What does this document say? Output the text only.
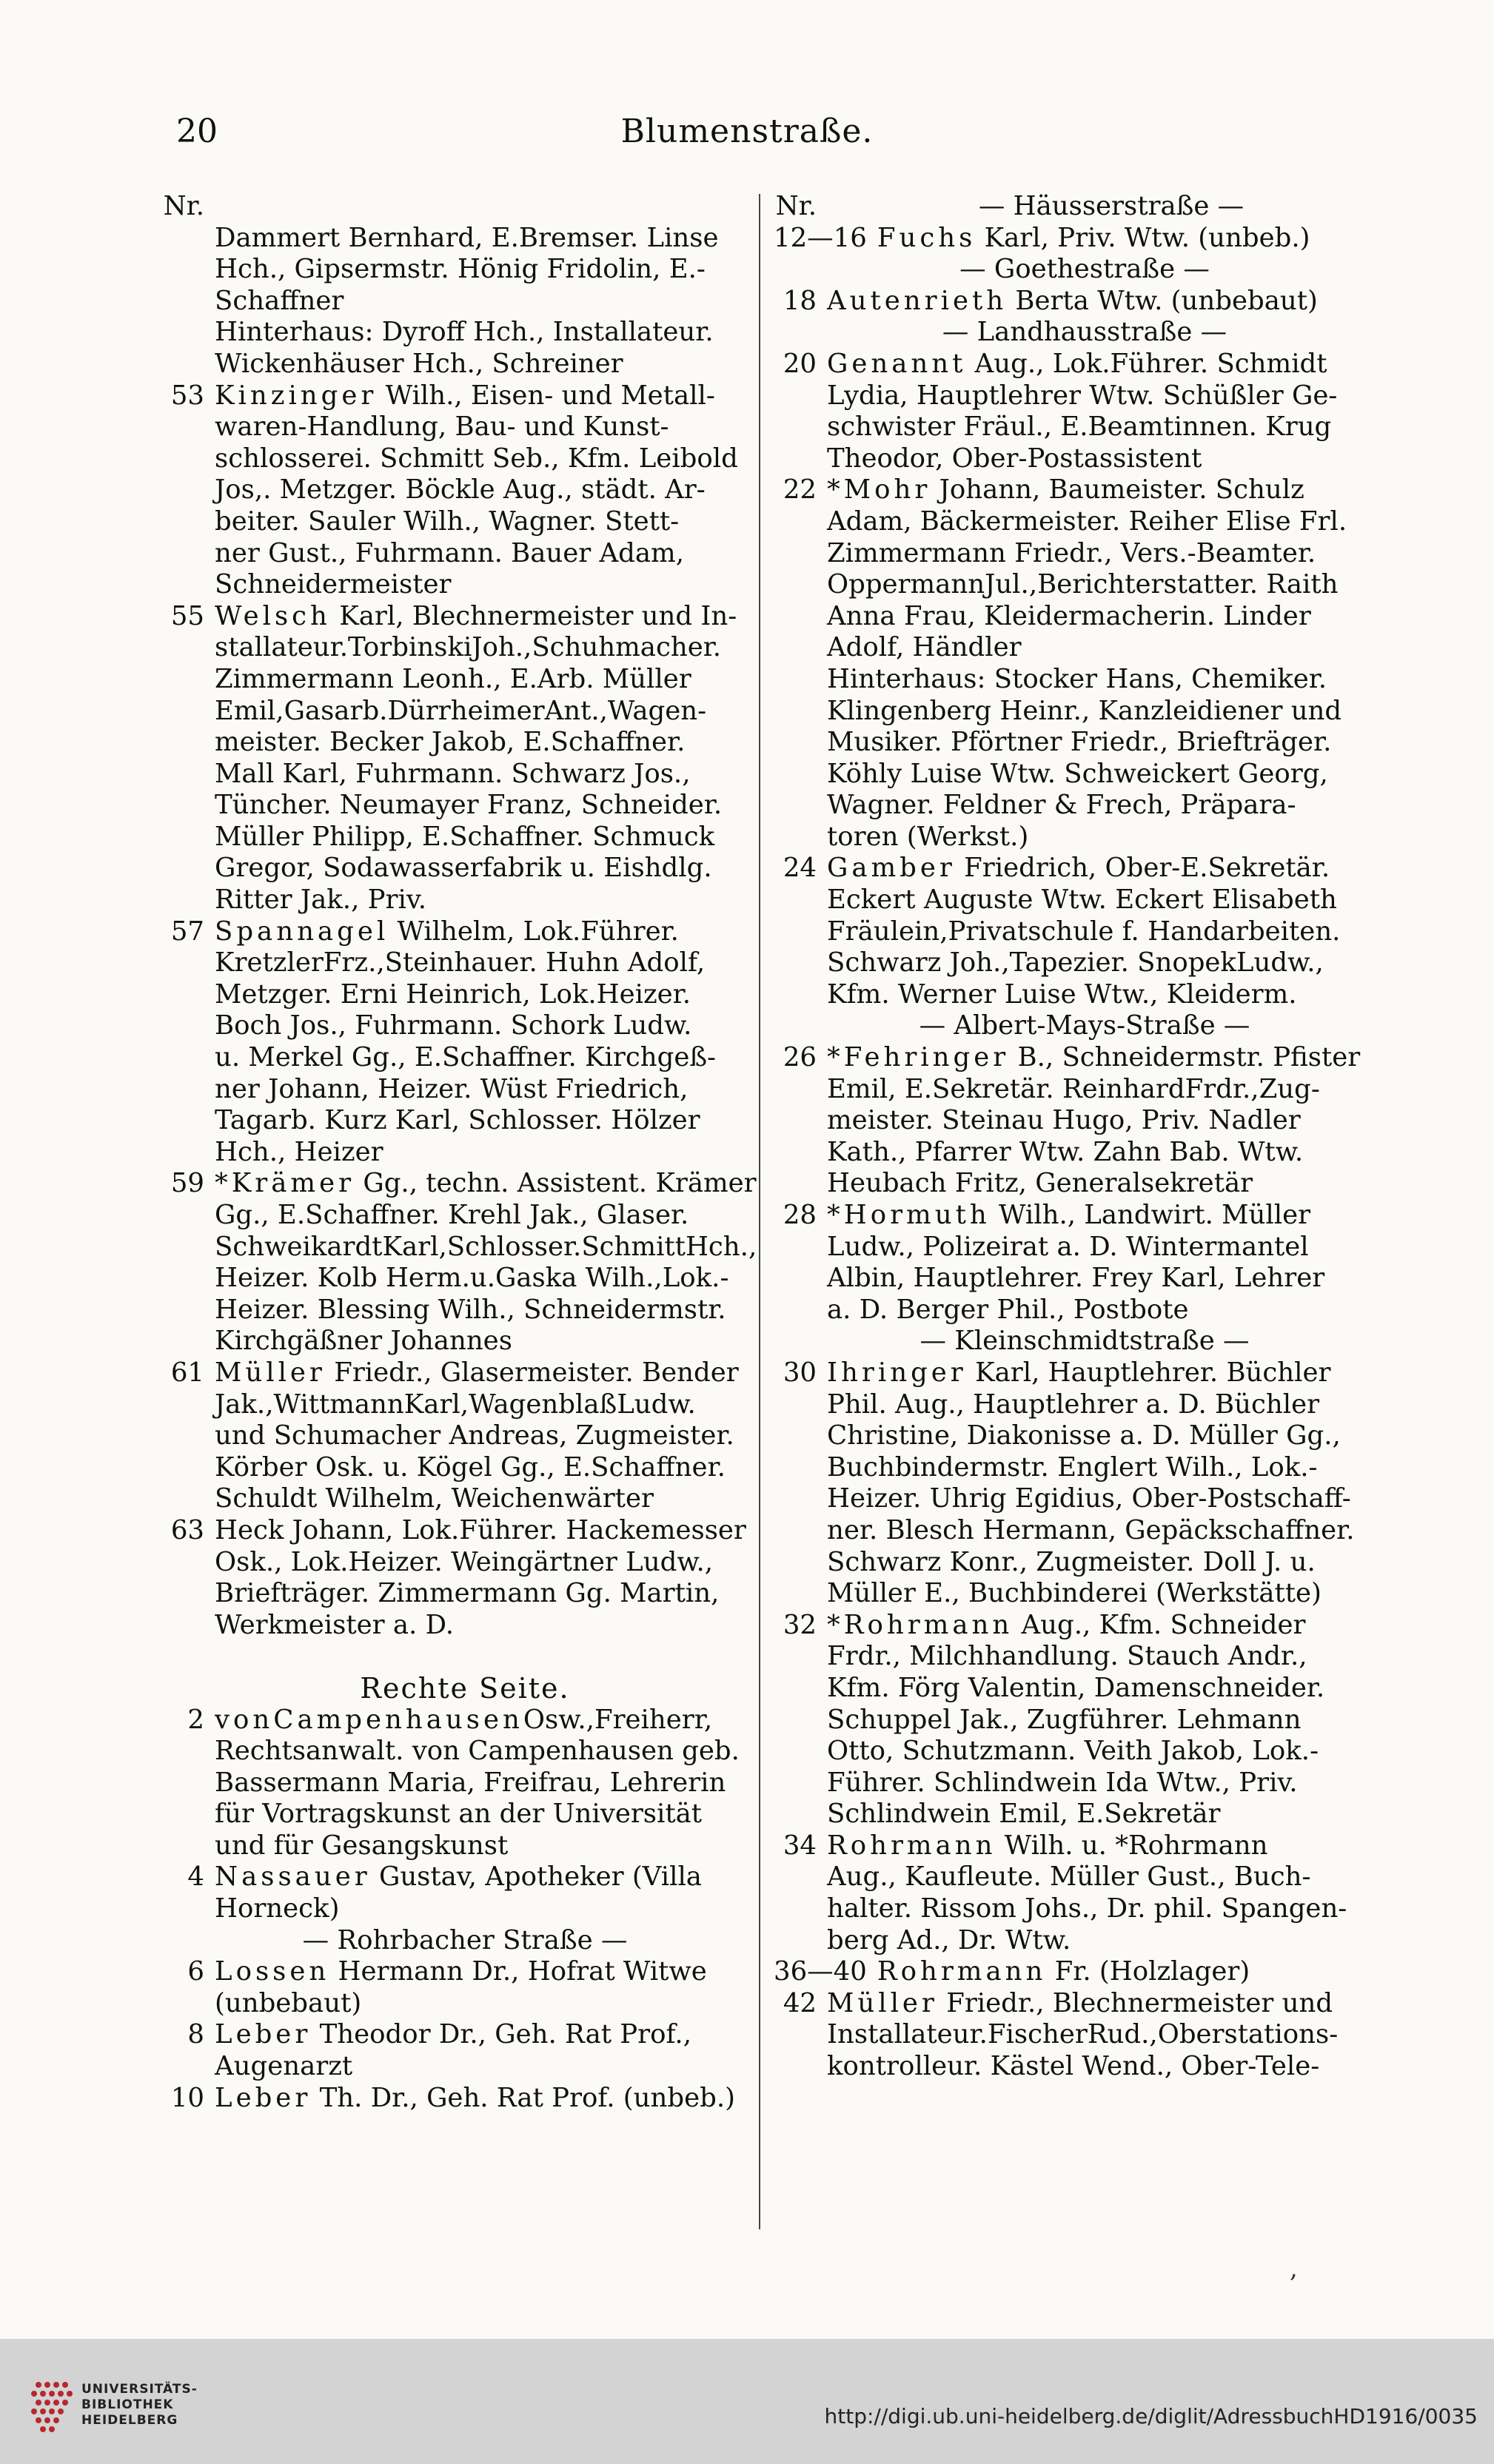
20	Blumenstraße.
Nr.
Dammert Bernhard, E.Bremser. Linse
Hch., Gipsermstr. Hönig Fridolin, E.-
Schaffner
Hinterhaus: Dyroff Hch., Installateur.
Wickenhäuser Hch., Schreiner
53 Kinzinger Wilh., Eisen- und Metall-
waren-Handlung, Bau- und Kunst-
schlosserei. Schmitt Seb., Kfm. Leibold
Jos,. Metzger. Böckle Aug., städt. Ar-
beiter. Sauler Wilh., Wagner. Stett-
ner Gust., Fuhrmann. Bauer Adam,
Schneidermeister
55 Welsch Karl, Blechnermeister und In-
stallateur.TorbinskiJoh.,Schuhmacher.
Zimmermann Leonh., E.Arb. Müller
Emil,Gasarb.DürrheimerAnt.,Wagen-
meister. Becker Jakob, E.Schaffner.
Mall Karl, Fuhrmann. Schwarz Jos.,
Tüncher. Neumayer Franz, Schneider.
Müller Philipp, E.Schaffner. Schmuck
Gregor, Sodawasserfabrik u. Eishdlg.
Ritter Jak., Priv.
57 Spannagel Wilhelm, Lok.Führer.
KretzlerFrz.,Steinhauer. Huhn Adolf,
Metzger. Erni Heinrich, Lok.Heizer.
Boch Jos., Fuhrmann. Schork Ludw.
u. Merkel Gg., E.Schaffner. Kirchgeß-
ner Johann, Heizer. Wüst Friedrich,
Tagarb. Kurz Karl, Schlosser. Hölzer
Hch., Heizer
59 *Krämer Gg., techn. Assistent. Krämer
Gg., E.Schaffner. Krehl Jak., Glaser.
SchweikardtKarl,Schlosser.SchmittHch.,
Heizer. Kolb Herm.u.Gaska Wilh.,Lok.-
Heizer. Blessing Wilh., Schneidermstr.
Kirchgäßner Johannes
61 Müller Friedr., Glasermeister. Bender
Jak.,WittmannKarl,WagenblaßLudw.
und Schumacher Andreas, Zugmeister.
Körber Osk. u. Kögel Gg., E.Schaffner.
Schuldt Wilhelm, Weichenwärter
63 Heck Johann, Lok.Führer. Hackemesser
Osk., Lok.Heizer. Weingärtner Ludw.,
Briefträger. Zimmermann Gg. Martin,
Werkmeister a. D.
Rechte Seite.
2 vonCampenhausenOsw.,Freiherr,
Rechtsanwalt. von Campenhausen geb.
Bassermann Maria, Freifrau, Lehrerin
für Vortragskunst an der Universität
und für Gesangskunst
4 Nassauer Gustav, Apotheker (Villa
Horneck)
— Rohrbacher Straße —
6 Lossen Hermann Dr., Hofrat Witwe
(unbebaut)
8 Leber Theodor Dr., Geh. Rat Prof.,
Augenarzt
10 Leber Th. Dr., Geh. Rat Prof. (unbeb.)
Nr.	— Häusserstraße —
12—16 Fuchs Karl, Priv. Wtw. (unbeb.)
— Goethestraße —
18 Autenrieth Berta Wtw. (unbebaut)
— Landhausstraße —
20 Genannt Aug., Lok.Führer. Schmidt
Lydia, Hauptlehrer Wtw. Schüßler Ge-
schwister Fräul., E.Beamtinnen. Krug
Theodor, Ober-Postassistent
22 *Mohr Johann, Baumeister. Schulz
Adam, Bäckermeister. Reiher Elise Frl.
Zimmermann Friedr., Vers.-Beamter.
OppermannJul.,Berichterstatter. Raith
Anna Frau, Kleidermacherin. Linder
Adolf, Händler
Hinterhaus: Stocker Hans, Chemiker.
Klingenberg Heinr., Kanzleidiener und
Musiker. Pförtner Friedr., Briefträger.
Köhly Luise Wtw. Schweickert Georg,
Wagner. Feldner & Frech, Präpara-
toren (Werkst.)
24 Gamber Friedrich, Ober-E.Sekretär.
Eckert Auguste Wtw. Eckert Elisabeth
Fräulein,Privatschule f. Handarbeiten.
Schwarz Joh.,Tapezier. SnopekLudw.,
Kfm. Werner Luise Wtw., Kleiderm.
— Albert-Mays-Straße —
26 *Fehringer B., Schneidermstr. Pfister
Emil, E.Sekretär. ReinhardFrdr.,Zug-
meister. Steinau Hugo, Priv. Nadler
Kath., Pfarrer Wtw. Zahn Bab. Wtw.
Heubach Fritz, Generalsekretär
28 *Hormuth Wilh., Landwirt. Müller
Ludw., Polizeirat a. D. Wintermantel
Albin, Hauptlehrer. Frey Karl, Lehrer
a. D. Berger Phil., Postbote
— Kleinschmidtstraße —
30 Ihringer Karl, Hauptlehrer. Büchler
Phil. Aug., Hauptlehrer a. D. Büchler
Christine, Diakonisse a. D. Müller Gg.,
Buchbindermstr. Englert Wilh., Lok.-
Heizer. Uhrig Egidius, Ober-Postschaff-
ner. Blesch Hermann, Gepäckschaffner.
Schwarz Konr., Zugmeister. Doll J. u.
Müller E., Buchbinderei (Werkstätte)
32 *Rohrmann Aug., Kfm. Schneider
Frdr., Milchhandlung. Stauch Andr.,
Kfm. Förg Valentin, Damenschneider.
Schuppel Jak., Zugführer. Lehmann
Otto, Schutzmann. Veith Jakob, Lok.-
Führer. Schlindwein Ida Wtw., Priv.
Schlindwein Emil, E.Sekretär
34 Rohrmann Wilh. u. *Rohrmann
Aug., Kaufleute. Müller Gust., Buch-
halter. Rissom Johs., Dr. phil. Spangen-
berg Ad., Dr. Wtw.
36—40 Rohrmann Fr. (Holzlager)
42 Müller Friedr., Blechnermeister und
Installateur.FischerRud.,Oberstations-
kontrolleur. Kästel Wend., Ober-Tele-
,
UNIVERSITÄTS-
BIBLIOTHEK
HEIDELBERG	http://digi.ub.uni-heidelberg.de/diglit/AdressbuchHD1916/0035
